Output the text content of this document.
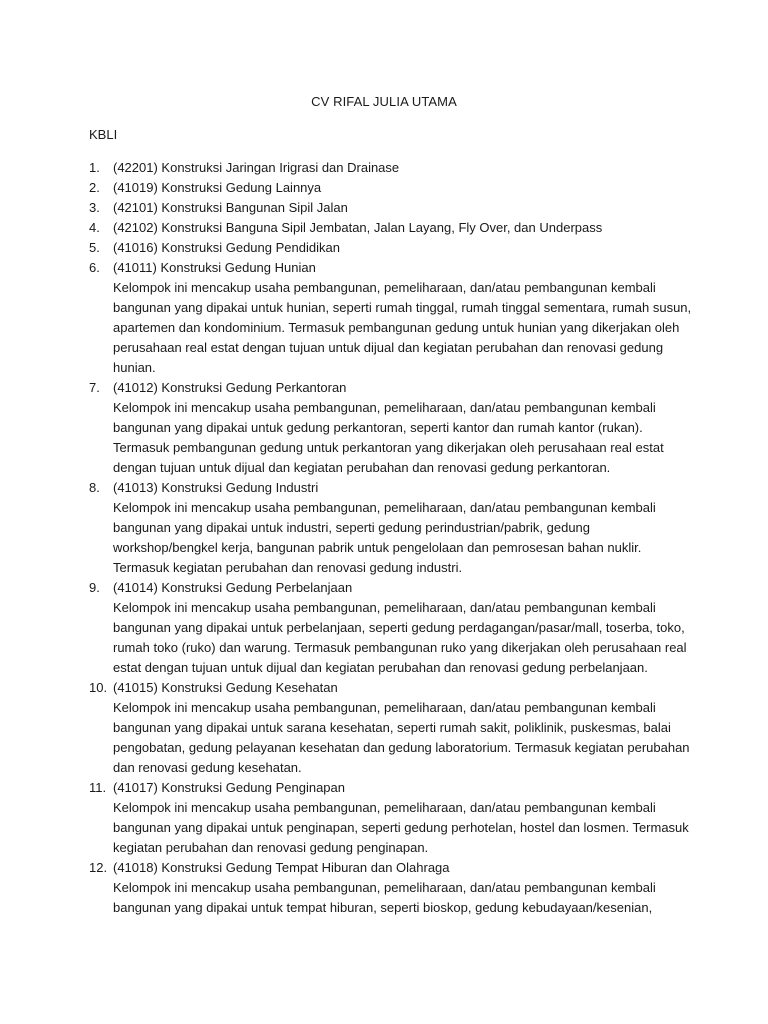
CV RIFAL JULIA UTAMA
KBLI
1.	(42201) Konstruksi Jaringan Irigrasi dan Drainase
2.	(41019) Konstruksi Gedung Lainnya
3.	(42101) Konstruksi Bangunan Sipil Jalan
4.	(42102) Konstruksi Banguna Sipil Jembatan, Jalan Layang, Fly Over, dan Underpass
5.	(41016) Konstruksi Gedung Pendidikan
6.	(41011) Konstruksi Gedung Hunian
Kelompok ini mencakup usaha pembangunan, pemeliharaan, dan/atau pembangunan kembali
bangunan yang dipakai untuk hunian, seperti rumah tinggal, rumah tinggal sementara, rumah susun,
apartemen dan kondominium. Termasuk pembangunan gedung untuk hunian yang dikerjakan oleh
perusahaan real estat dengan tujuan untuk dijual dan kegiatan perubahan dan renovasi gedung
hunian.
7.	(41012) Konstruksi Gedung Perkantoran
Kelompok ini mencakup usaha pembangunan, pemeliharaan, dan/atau pembangunan kembali
bangunan yang dipakai untuk gedung perkantoran, seperti kantor dan rumah kantor (rukan).
Termasuk pembangunan gedung untuk perkantoran yang dikerjakan oleh perusahaan real estat
dengan tujuan untuk dijual dan kegiatan perubahan dan renovasi gedung perkantoran.
8.	(41013) Konstruksi Gedung Industri
Kelompok ini mencakup usaha pembangunan, pemeliharaan, dan/atau pembangunan kembali
bangunan yang dipakai untuk industri, seperti gedung perindustrian/pabrik, gedung
workshop/bengkel kerja, bangunan pabrik untuk pengelolaan dan pemrosesan bahan nuklir.
Termasuk kegiatan perubahan dan renovasi gedung industri.
9.	(41014) Konstruksi Gedung Perbelanjaan
Kelompok ini mencakup usaha pembangunan, pemeliharaan, dan/atau pembangunan kembali
bangunan yang dipakai untuk perbelanjaan, seperti gedung perdagangan/pasar/mall, toserba, toko,
rumah toko (ruko) dan warung. Termasuk pembangunan ruko yang dikerjakan oleh perusahaan real
estat dengan tujuan untuk dijual dan kegiatan perubahan dan renovasi gedung perbelanjaan.
10. (41015) Konstruksi Gedung Kesehatan
Kelompok ini mencakup usaha pembangunan, pemeliharaan, dan/atau pembangunan kembali
bangunan yang dipakai untuk sarana kesehatan, seperti rumah sakit, poliklinik, puskesmas, balai
pengobatan, gedung pelayanan kesehatan dan gedung laboratorium. Termasuk kegiatan perubahan
dan renovasi gedung kesehatan.
11. (41017) Konstruksi Gedung Penginapan
Kelompok ini mencakup usaha pembangunan, pemeliharaan, dan/atau pembangunan kembali
bangunan yang dipakai untuk penginapan, seperti gedung perhotelan, hostel dan losmen. Termasuk
kegiatan perubahan dan renovasi gedung penginapan.
12. (41018) Konstruksi Gedung Tempat Hiburan dan Olahraga
Kelompok ini mencakup usaha pembangunan, pemeliharaan, dan/atau pembangunan kembali
bangunan yang dipakai untuk tempat hiburan, seperti bioskop, gedung kebudayaan/kesenian,
